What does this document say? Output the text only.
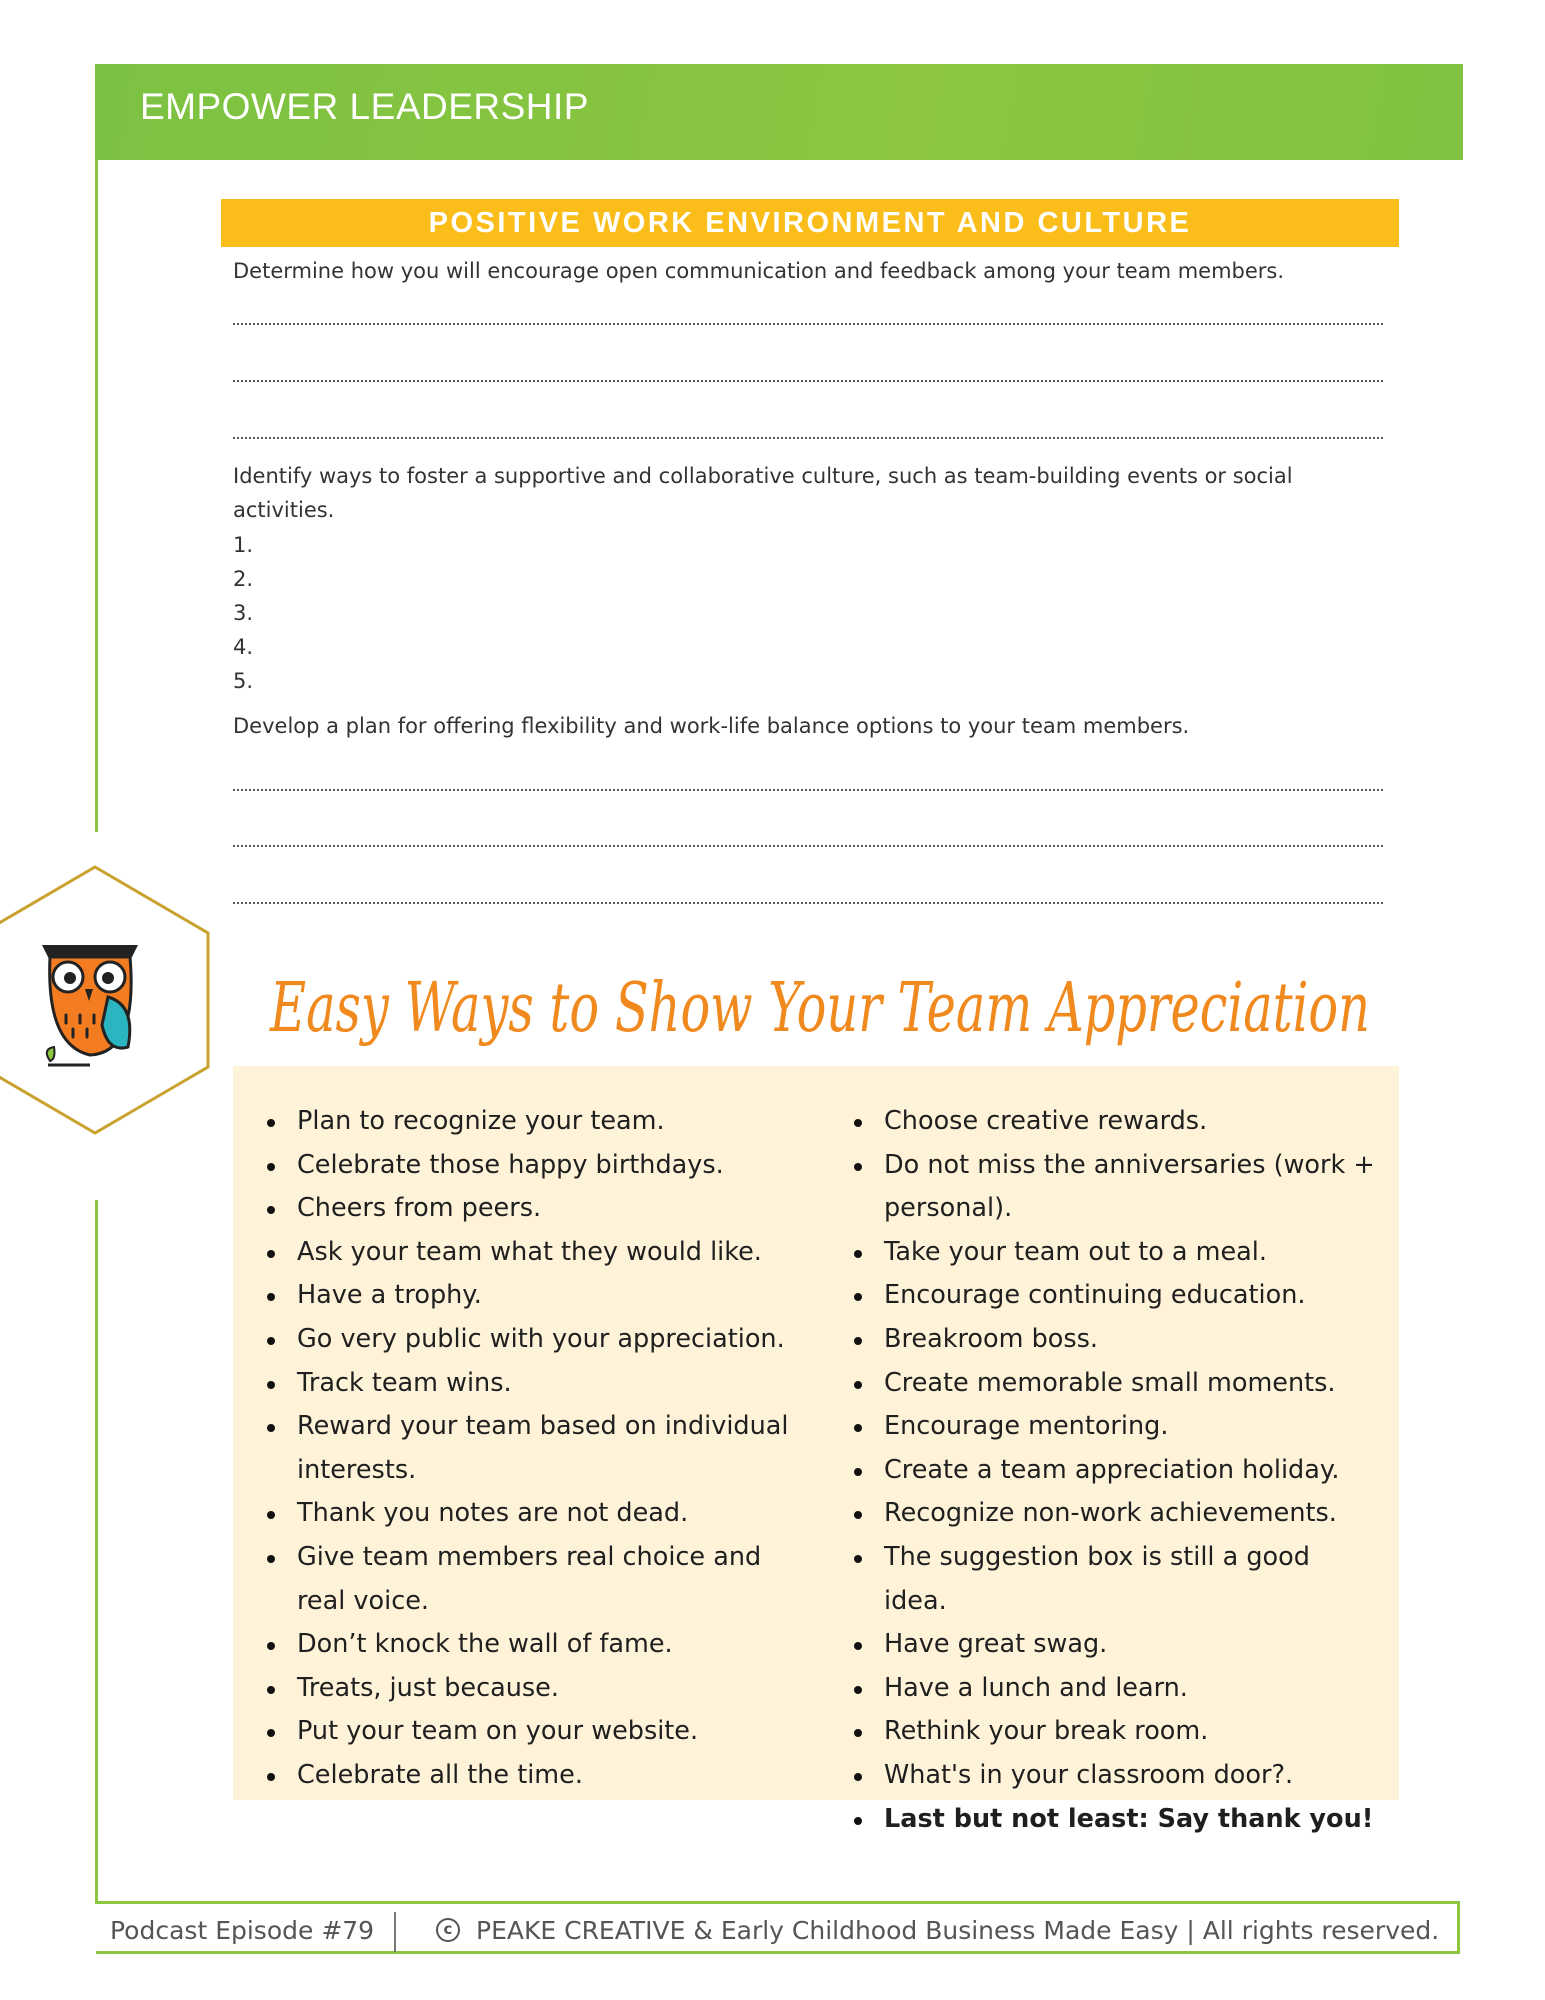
EMPOWER LEADERSHIP
POSITIVE WORK ENVIRONMENT AND CULTURE
Determine how you will encourage open communication and feedback among your team members.
Identify ways to foster a supportive and collaborative culture, such as team-building events or social activities.
1.
2.
3.
4.
5.
Develop a plan for offering flexibility and work-life balance options to your team members.
Easy Ways to Show Your Team Appreciation
Plan to recognize your team.
Celebrate those happy birthdays.
Cheers from peers.
Ask your team what they would like.
Have a trophy.
Go very public with your appreciation.
Track team wins.
Reward your team based on individual interests.
Thank you notes are not dead.
Give team members real choice and real voice.
Don’t knock the wall of fame.
Treats, just because.
Put your team on your website.
Celebrate all the time.
Choose creative rewards.
Do not miss the anniversaries (work + personal).
Take your team out to a meal.
Encourage continuing education.
Breakroom boss.
Create memorable small moments.
Encourage mentoring.
Create a team appreciation holiday.
Recognize non-work achievements.
The suggestion box is still a good idea.
Have great swag.
Have a lunch and learn.
Rethink your break room.
What's in your classroom door?.
Last but not least: Say thank you!
Podcast Episode #79	c PEAKE CREATIVE & Early Childhood Business Made Easy | All rights reserved.
